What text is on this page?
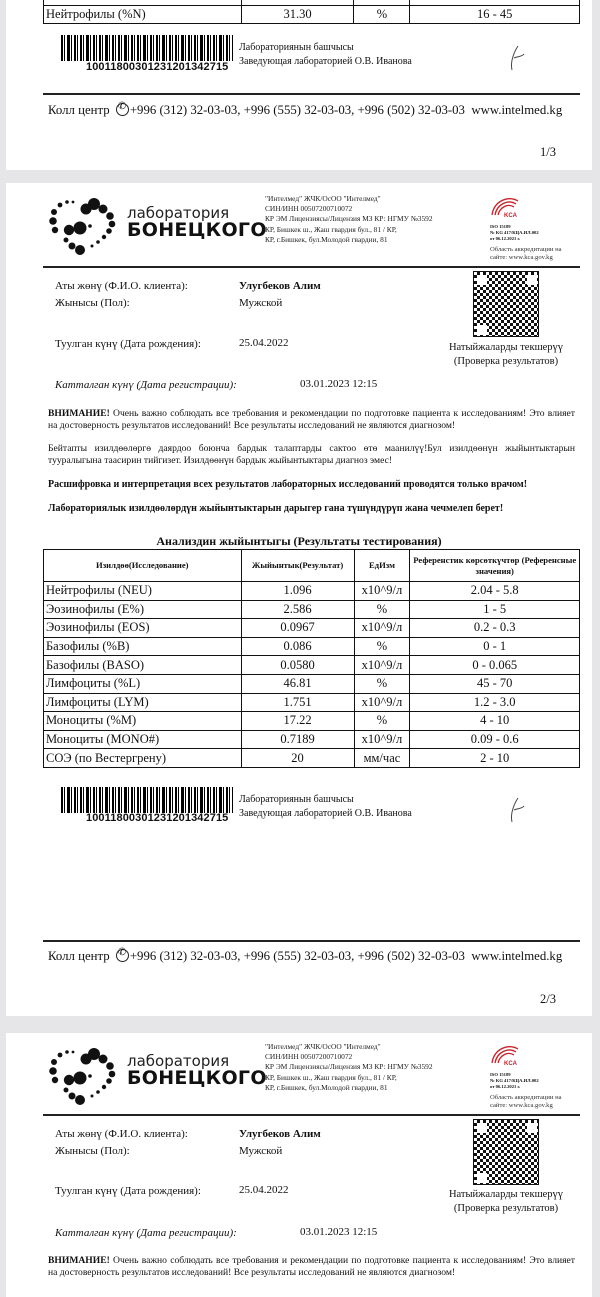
Нейтрофилы (%N)	31.30	%	16 - 45
10011800301231201342715
Лабораториянын башчысы
Заведующая лабораторией О.В. Иванова
Колл центр ✆ +996 (312) 32-03-03, +996 (555) 32-03-03, +996 (502) 32-03-03 www.intelmed.kg
1/3
лаборатория
БОНЕЦКОГО
"Интелмед" ЖЧК/ОсОО "Интелмед"
СИН/ИНН 00507200710072
КР ЭМ Лицензиясы/Лицензия МЗ КР: НГМУ №3592
КР, Бишкек ш., Жаш гвардия бул., 81 / КР,
КР, г.Бишкек, бул.Молодой гвардии, 81
KCA
ISO 15189
№ KG 417/КЦА.ИЛ.002
от 06.12.2021 г.
Область аккредитации на
сайте: www.kca.gov.kg
Аты жөнү (Ф.И.О. клиента):	Улугбеков Алим
Жынысы (Пол):	Мужской
Туулган күнү (Дата рождения):	25.04.2022
Катталган күнү (Дата регистрации):	03.01.2023 12:15
Натыйжаларды текшерүү
(Проверка результатов)
ВНИМАНИЕ! Очень важно соблюдать все требования и рекомендации по подготовке пациента к исследованиям! Это влияет на достоверность результатов исследований! Все результаты исследований не являются диагнозом!
Бейтапты изилдөөлөргө даярдоо боюнча бардык талаптарды сактоо өтө маанилүү!Бул изилдөөнүн жыйынтыктарын тууралыгына таасирин тийгизет. Изилдөөнүн бардык жыйынтыктары диагноз эмес!
Расшифровка и интерпретация всех результатов лабораторных исследований проводятся только врачом!
Лабораториялык изилдөөлөрдүн жыйынтыктарын дарыгер гана түшүндүрүп жана чечмелеп берет!
Анализдин жыйынтыгы (Результаты тестирования)
Изилдөө(Исследование)	Жыйынтык(Результат)	ЕдИзм	Референстик көрсөткүчтөр (Референсные значения)
Нейтрофилы (NEU)	1.096	x10^9/л	2.04 - 5.8
Эозинофилы (E%)	2.586	%	1 - 5
Эозинофилы (EOS)	0.0967	x10^9/л	0.2 - 0.3
Базофилы (%B)	0.086	%	0 - 1
Базофилы (BASO)	0.0580	x10^9/л	0 - 0.065
Лимфоциты (%L)	46.81	%	45 - 70
Лимфоциты (LYM)	1.751	x10^9/л	1.2 - 3.0
Моноциты (%M)	17.22	%	4 - 10
Моноциты (MONO#)	0.7189	x10^9/л	0.09 - 0.6
СОЭ (по Вестергрену)	20	мм/час	2 - 10
10011800301231201342715
Лабораториянын башчысы
Заведующая лабораторией О.В. Иванова
Колл центр ✆ +996 (312) 32-03-03, +996 (555) 32-03-03, +996 (502) 32-03-03 www.intelmed.kg
2/3
лаборатория
БОНЕЦКОГО
"Интелмед" ЖЧК/ОсОО "Интелмед"
СИН/ИНН 00507200710072
КР ЭМ Лицензиясы/Лицензия МЗ КР: НГМУ №3592
КР, Бишкек ш., Жаш гвардия бул., 81 / КР,
КР, г.Бишкек, бул.Молодой гвардии, 81
KCA
ISO 15189
№ KG 417/КЦА.ИЛ.002
от 06.12.2021 г.
Область аккредитации на
сайте: www.kca.gov.kg
Аты жөнү (Ф.И.О. клиента):	Улугбеков Алим
Жынысы (Пол):	Мужской
Туулган күнү (Дата рождения):	25.04.2022
Катталган күнү (Дата регистрации):	03.01.2023 12:15
Натыйжаларды текшерүү
(Проверка результатов)
ВНИМАНИЕ! Очень важно соблюдать все требования и рекомендации по подготовке пациента к исследованиям! Это влияет на достоверность результатов исследований! Все результаты исследований не являются диагнозом!
